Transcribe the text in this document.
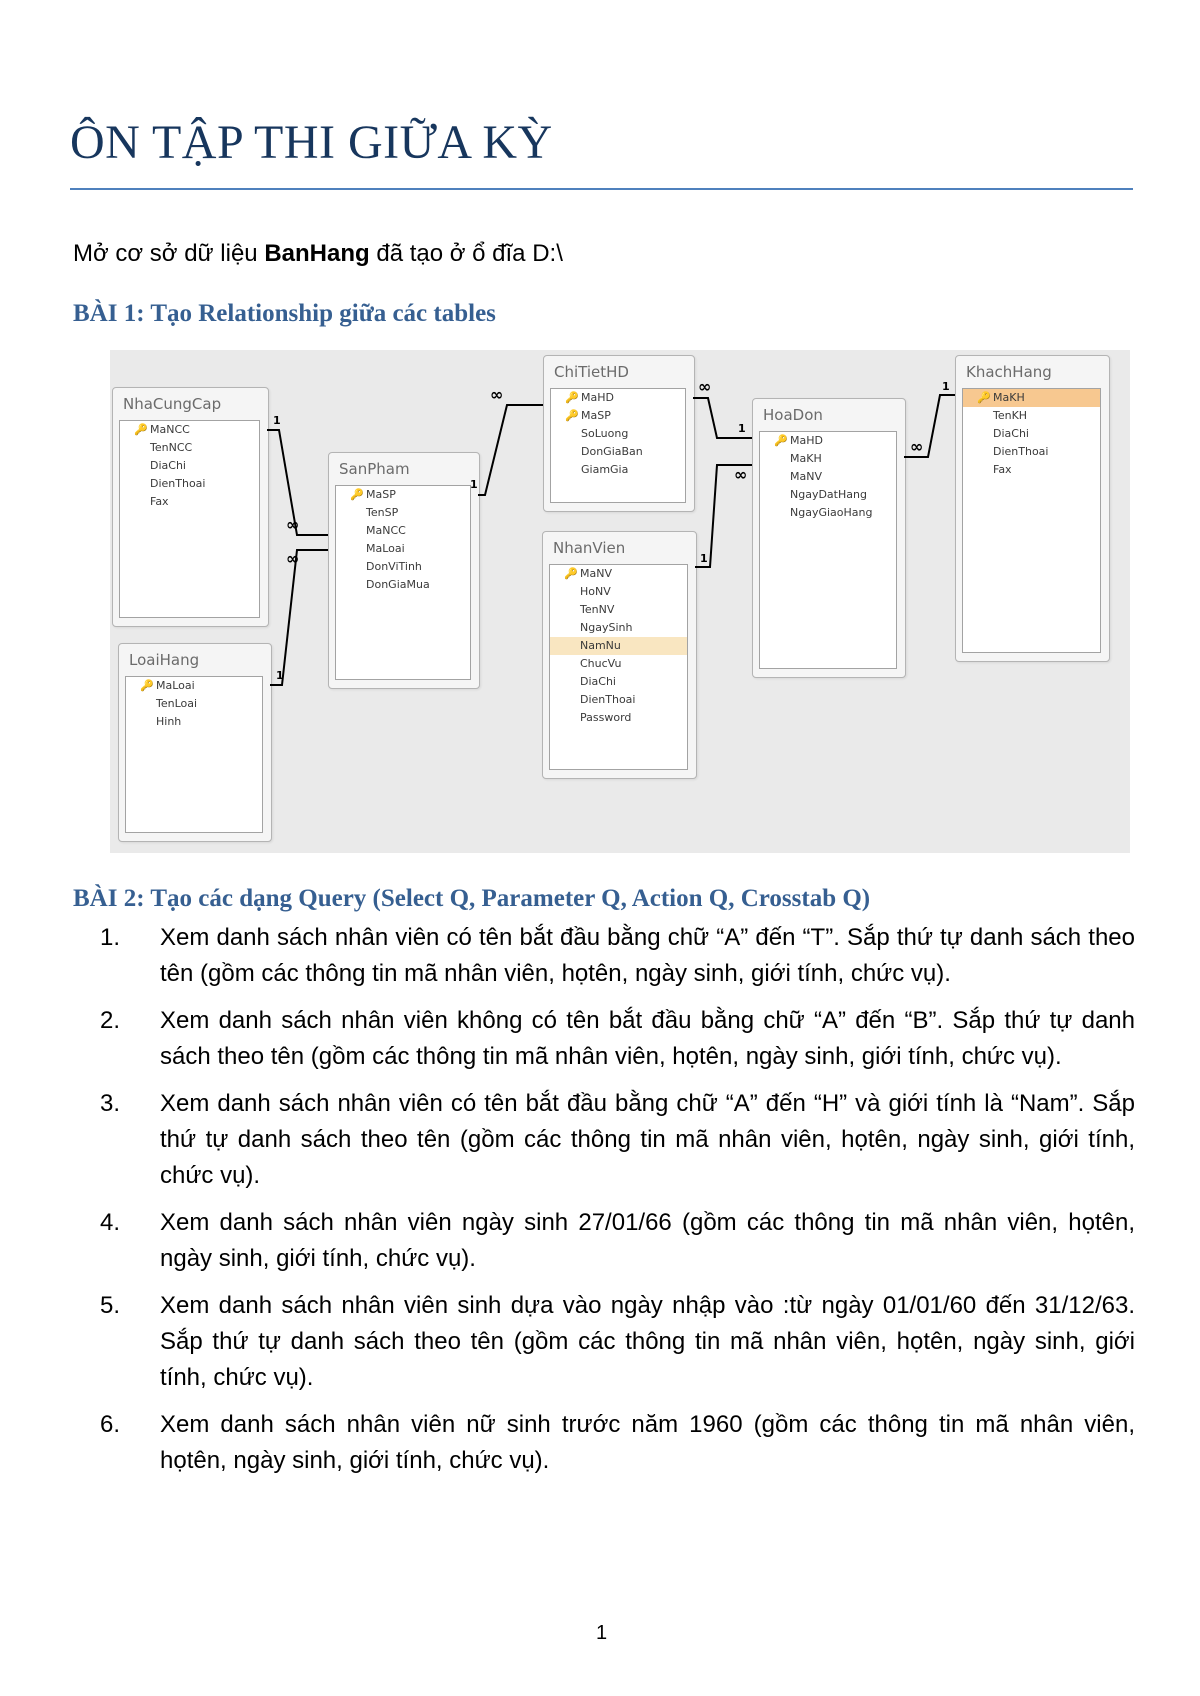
ÔN TẬP THI GIỮA KỲ

Mở cơ sở dữ liệu BanHang đã tạo ở ổ đĩa D:\

BÀI 1: Tạo Relationship giữa các tables
NhaCungCap
🔑 MaNCC
TenNCC
DiaChi
DienThoai
Fax
SanPham
🔑 MaSP
TenSP
MaNCC
MaLoai
DonViTinh
DonGiaMua
ChiTietHD
🔑 MaHD
🔑 MaSP
SoLuong
DonGiaBan
GiamGia
HoaDon
🔑 MaHD
MaKH
MaNV
NgayDatHang
NgayGiaoHang
KhachHang
🔑 MaKH
TenKH
DiaChi
DienThoai
Fax
NhanVien
🔑 MaNV
HoNV
TenNV
NgaySinh
NamNu
ChucVu
DiaChi
DienThoai
Password
LoaiHang
🔑 MaLoai
TenLoai
Hinh
1
∞
1
∞
1
∞	∞
1
1
∞
1
∞
BÀI 2: Tạo các dạng Query (Select Q, Parameter Q, Action Q, Crosstab Q)
1. Xem danh sách nhân viên có tên bắt đầu bằng chữ “A” đến “T”. Sắp thứ tự danh sách theo tên (gồm các thông tin mã nhân viên, họtên, ngày sinh, giới tính, chức vụ).
2. Xem danh sách nhân viên không có tên bắt đầu bằng chữ “A” đến “B”. Sắp thứ tự danh sách theo tên (gồm các thông tin mã nhân viên, họtên, ngày sinh, giới tính, chức vụ).
3. Xem danh sách nhân viên có tên bắt đầu bằng chữ “A” đến “H” và giới tính là “Nam”. Sắp thứ tự danh sách theo tên (gồm các thông tin mã nhân viên, họtên, ngày sinh, giới tính, chức vụ).
4. Xem danh sách nhân viên ngày sinh 27/01/66 (gồm các thông tin mã nhân viên, họtên, ngày sinh, giới tính, chức vụ).
5. Xem danh sách nhân viên sinh dựa vào ngày nhập vào :từ ngày 01/01/60 đến 31/12/63. Sắp thứ tự danh sách theo tên (gồm các thông tin mã nhân viên, họtên, ngày sinh, giới tính, chức vụ).
6. Xem danh sách nhân viên nữ sinh trước năm 1960 (gồm các thông tin mã nhân viên, họtên, ngày sinh, giới tính, chức vụ).
1
